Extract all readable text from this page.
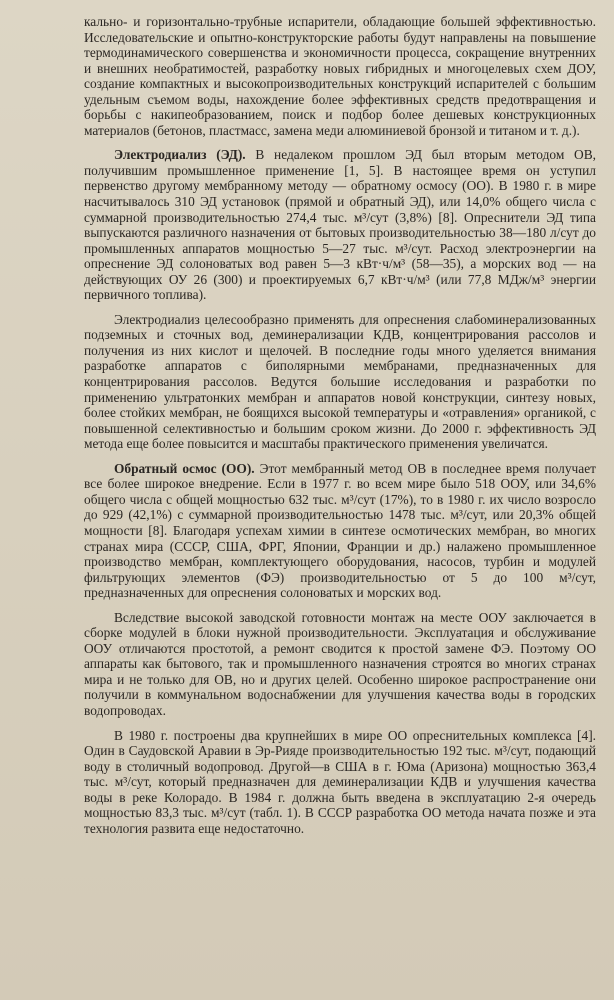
кально- и горизонтально-трубные испарители, обладающие большей эффективностью. Исследовательские и опытно-конструкторские работы будут направлены на повышение термодинамического совершенства и экономичности процесса, сокращение внутренних и внешних необратимостей, разработку новых гибридных и многоцелевых схем ДОУ, создание компактных и высокопроизводительных конструкций испарителей с большим удельным съемом воды, нахождение более эффективных средств предотвращения и борьбы с накипеобразованием, поиск и подбор более дешевых конструкционных материалов (бетонов, пластмасс, замена меди алюминиевой бронзой и титаном и т. д.).

Электродиализ (ЭД). В недалеком прошлом ЭД был вторым методом ОВ, получившим промышленное применение [1, 5]. В настоящее время он уступил первенство другому мембранному методу — обратному осмосу (ОО). В 1980 г. в мире насчитывалось 310 ЭД установок (прямой и обратный ЭД), или 14,0% общего числа с суммарной производительностью 274,4 тыс. м³/сут (3,8%) [8]. Опреснители ЭД типа выпускаются различного назначения от бытовых производительностью 38—180 л/сут до промышленных аппаратов мощностью 5—27 тыс. м³/сут. Расход электроэнергии на опреснение ЭД солоноватых вод равен 5—3 кВт·ч/м³ (58—35), а морских вод — на действующих ОУ 26 (300) и проектируемых 6,7 кВт·ч/м³ (или 77,8 МДж/м³ энергии первичного топлива).

Электродиализ целесообразно применять для опреснения слабоминерализованных подземных и сточных вод, деминерализации КДВ, концентрирования рассолов и получения из них кислот и щелочей. В последние годы много уделяется внимания разработке аппаратов с биполярными мембранами, предназначенных для концентрирования рассолов. Ведутся большие исследования и разработки по применению ультратонких мембран и аппаратов новой конструкции, синтезу новых, более стойких мембран, не боящихся высокой температуры и «отравления» органикой, с повышенной селективностью и большим сроком жизни. До 2000 г. эффективность ЭД метода еще более повысится и масштабы практического применения увеличатся.

Обратный осмос (ОО). Этот мембранный метод ОВ в последнее время получает все более широкое внедрение. Если в 1977 г. во всем мире было 518 ООУ, или 34,6% общего числа с общей мощностью 632 тыс. м³/сут (17%), то в 1980 г. их число возросло до 929 (42,1%) с суммарной производительностью 1478 тыс. м³/сут, или 20,3% общей мощности [8]. Благодаря успехам химии в синтезе осмотических мембран, во многих странах мира (СССР, США, ФРГ, Японии, Франции и др.) налажено промышленное производство мембран, комплектующего оборудования, насосов, турбин и модулей фильтрующих элементов (ФЭ) производительностью от 5 до 100 м³/сут, предназначенных для опреснения солоноватых и морских вод.

Вследствие высокой заводской готовности монтаж на месте ООУ заключается в сборке модулей в блоки нужной производительности. Эксплуатация и обслуживание ООУ отличаются простотой, а ремонт сводится к простой замене ФЭ. Поэтому ОО аппараты как бытового, так и промышленного назначения строятся во многих странах мира и не только для ОВ, но и других целей. Особенно широкое распространение они получили в коммунальном водоснабжении для улучшения качества воды в городских водопроводах.

В 1980 г. построены два крупнейших в мире ОО опреснительных комплекса [4]. Один в Саудовской Аравии в Эр-Рияде производительностью 192 тыс. м³/сут, подающий воду в столичный водопровод. Другой—в США в г. Юма (Аризона) мощностью 363,4 тыс. м³/сут, который предназначен для деминерализации КДВ и улучшения качества воды в реке Колорадо. В 1984 г. должна быть введена в эксплуатацию 2-я очередь мощностью 83,3 тыс. м³/сут (табл. 1). В СССР разработка ОО метода начата позже и эта технология развита еще недостаточно.
